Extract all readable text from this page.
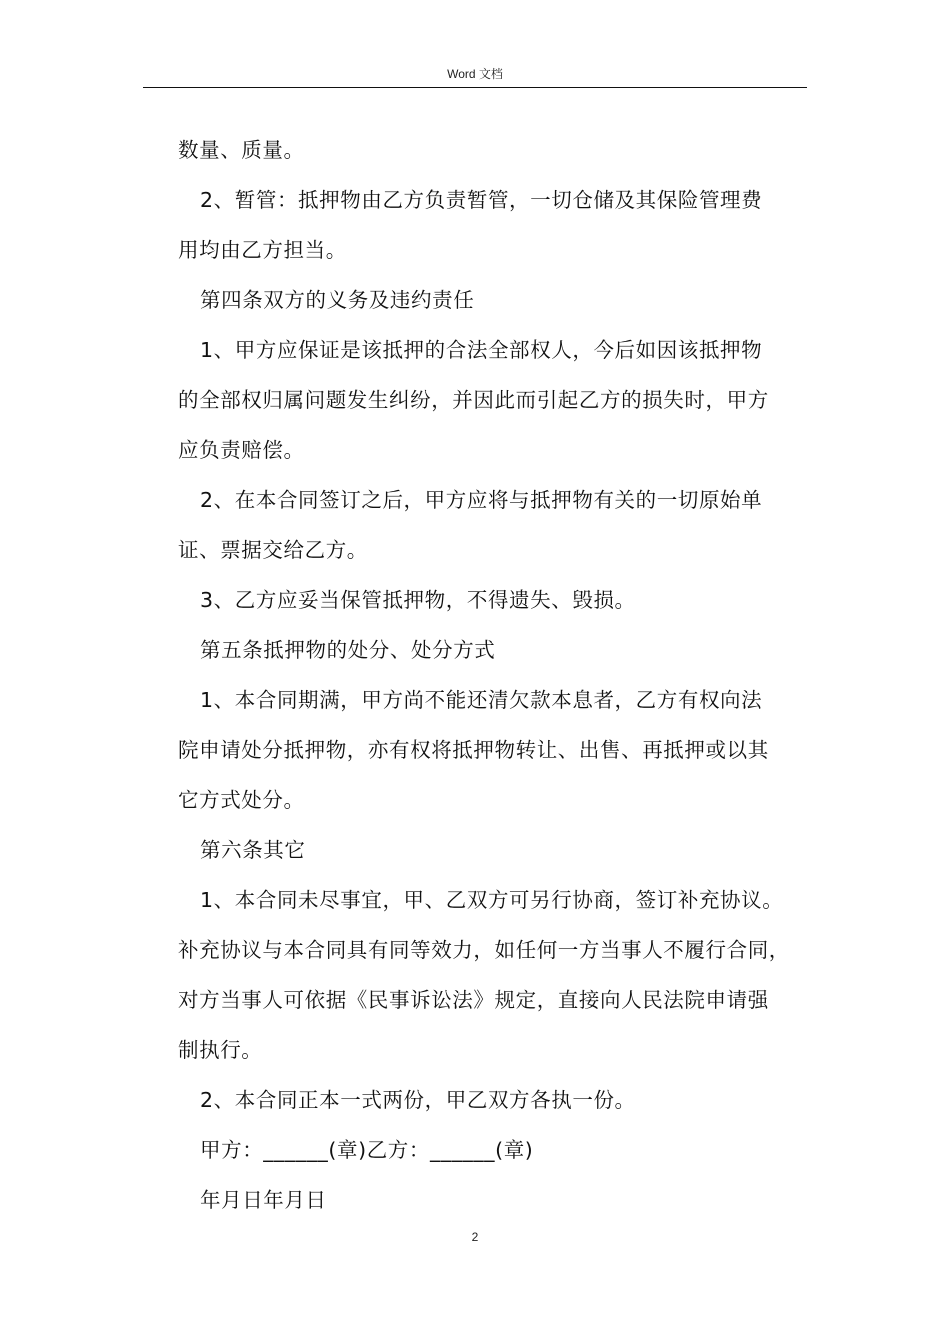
Word 文档
数量、质量。
2、暂管：抵押物由乙方负责暂管，一切仓储及其保险管理费
用均由乙方担当。
第四条双方的义务及违约责任
1、甲方应保证是该抵押的合法全部权人，今后如因该抵押物
的全部权归属问题发生纠纷，并因此而引起乙方的损失时，甲方
应负责赔偿。
2、在本合同签订之后，甲方应将与抵押物有关的一切原始单
证、票据交给乙方。
3、乙方应妥当保管抵押物，不得遗失、毁损。
第五条抵押物的处分、处分方式
1、本合同期满，甲方尚不能还清欠款本息者，乙方有权向法
院申请处分抵押物，亦有权将抵押物转让、出售、再抵押或以其
它方式处分。
第六条其它
1、本合同未尽事宜，甲、乙双方可另行协商，签订补充协议。
补充协议与本合同具有同等效力，如任何一方当事人不履行合同，
对方当事人可依据《民事诉讼法》规定，直接向人民法院申请强
制执行。
2、本合同正本一式两份，甲乙双方各执一份。
甲方：______(章)乙方：______(章)
年月日年月日
2
